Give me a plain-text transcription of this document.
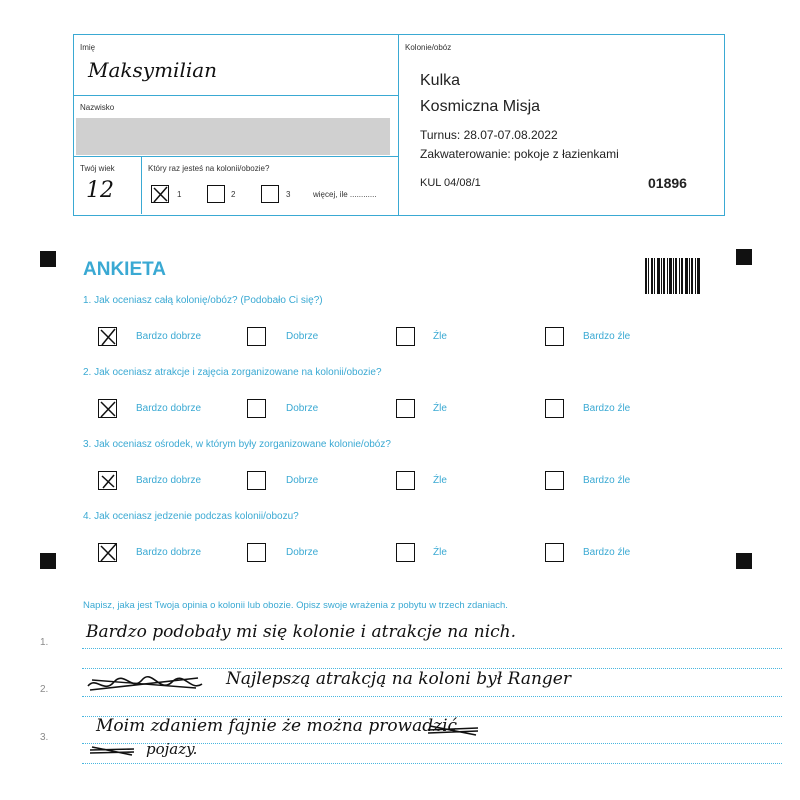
Imię
Maksymilian
Nazwisko
Twój wiek
12
Który raz jesteś na kolonii/obozie?
1	2	3	więcej, ile ............
Kolonie/obóz
Kulka
Kosmiczna Misja
Turnus: 28.07-07.08.2022
Zakwaterowanie: pokoje z łazienkami
KUL 04/08/1	01896
ANKIETA
1. Jak oceniasz całą kolonię/obóz? (Podobało Ci się?)
Bardzo dobrze	Dobrze	Źle	Bardzo źle
2. Jak oceniasz atrakcje i zajęcia zorganizowane na kolonii/obozie?
Bardzo dobrze	Dobrze	Źle	Bardzo źle
3. Jak oceniasz ośrodek, w którym były zorganizowane kolonie/obóz?
Bardzo dobrze	Dobrze	Źle	Bardzo źle
4. Jak oceniasz jedzenie podczas kolonii/obozu?
Bardzo dobrze	Dobrze	Źle	Bardzo źle
Napisz, jaka jest Twoja opinia o kolonii lub obozie. Opisz swoje wrażenia z pobytu w trzech zdaniach.
1.
2.
3.
Bardzo podobały mi się kolonie i atrakcje na nich.
Najlepszą atrakcją na koloni był Ranger
Moim zdaniem fajnie że można prowadzić
pojazy.
